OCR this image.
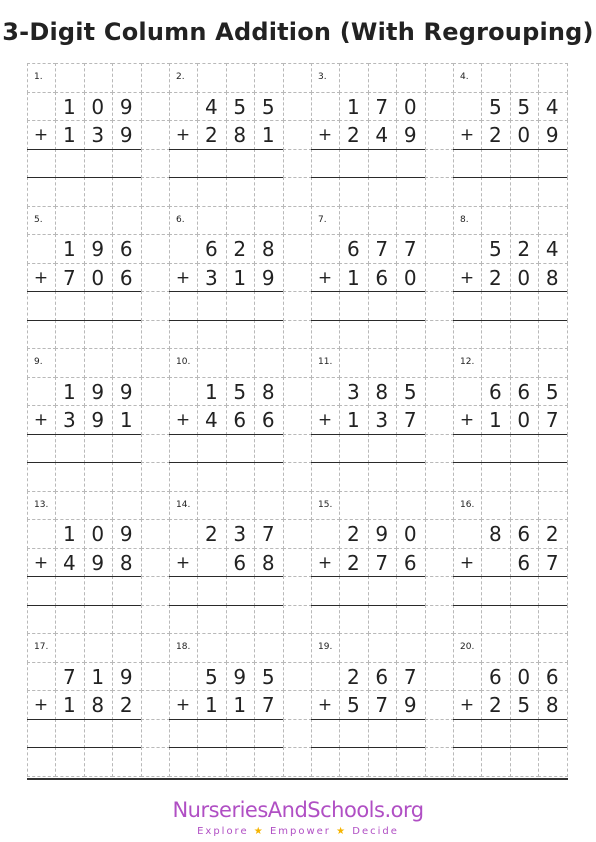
3-Digit Column Addition (With Regrouping)
1.
1 0 9
+ 1 3 9
2.
4 5 5
+ 2 8 1
3.
1 7 0
+ 2 4 9
4.
5 5 4
+ 2 0 9
5.
1 9 6
+ 7 0 6
6.
6 2 8
+ 3 1 9
7.
6 7 7
+ 1 6 0
8.
5 2 4
+ 2 0 8
9.
1 9 9
+ 3 9 1
10.
1 5 8
+ 4 6 6
11.
3 8 5
+ 1 3 7
12.
6 6 5
+ 1 0 7
13.
1 0 9
+ 4 9 8
14.
2 3 7
+	6 8
15.
2 9 0
+ 2 7 6
16.
8 6 2
+	6 7
17.
7 1 9
+ 1 8 2
18.
5 9 5
+ 1 1 7
19.
2 6 7
+ 5 7 9
20.
6 0 6
+ 2 5 8
NurseriesAndSchools.org
Explore ★ Empower ★ Decide
